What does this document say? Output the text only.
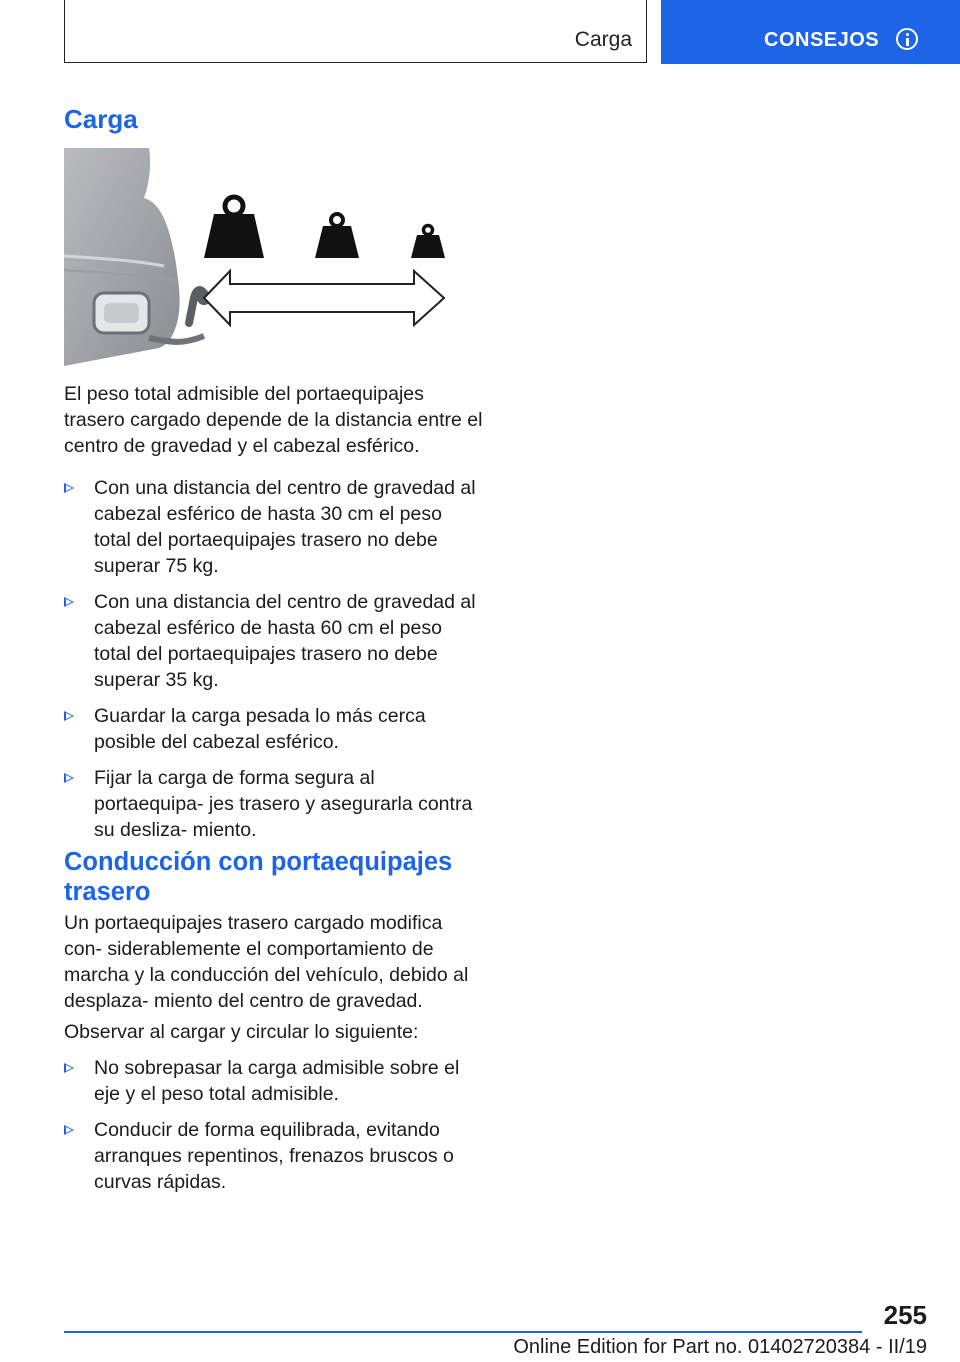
Carga	CONSEJOS
Carga

El peso total admisible del portaequipajes trasero cargado depende de la distancia entre el centro de gravedad y el cabezal esférico.

Con una distancia del centro de gravedad al cabezal esférico de hasta 30 cm el peso total del portaequipajes trasero no debe superar 75 kg.
Con una distancia del centro de gravedad al cabezal esférico de hasta 60 cm el peso total del portaequipajes trasero no debe superar 35 kg.
Guardar la carga pesada lo más cerca posible del cabezal esférico.
Fijar la carga de forma segura al portaequipa‐ jes trasero y asegurarla contra su desliza‐ miento.
Conducción con portaequipajes trasero

Un portaequipajes trasero cargado modifica con‐ siderablemente el comportamiento de marcha y la conducción del vehículo, debido al desplaza‐ miento del centro de gravedad.

Observar al cargar y circular lo siguiente:

No sobrepasar la carga admisible sobre el eje y el peso total admisible.
Conducir de forma equilibrada, evitando arranques repentinos, frenazos bruscos o curvas rápidas.
255
Online Edition for Part no. 01402720384 - II/19
